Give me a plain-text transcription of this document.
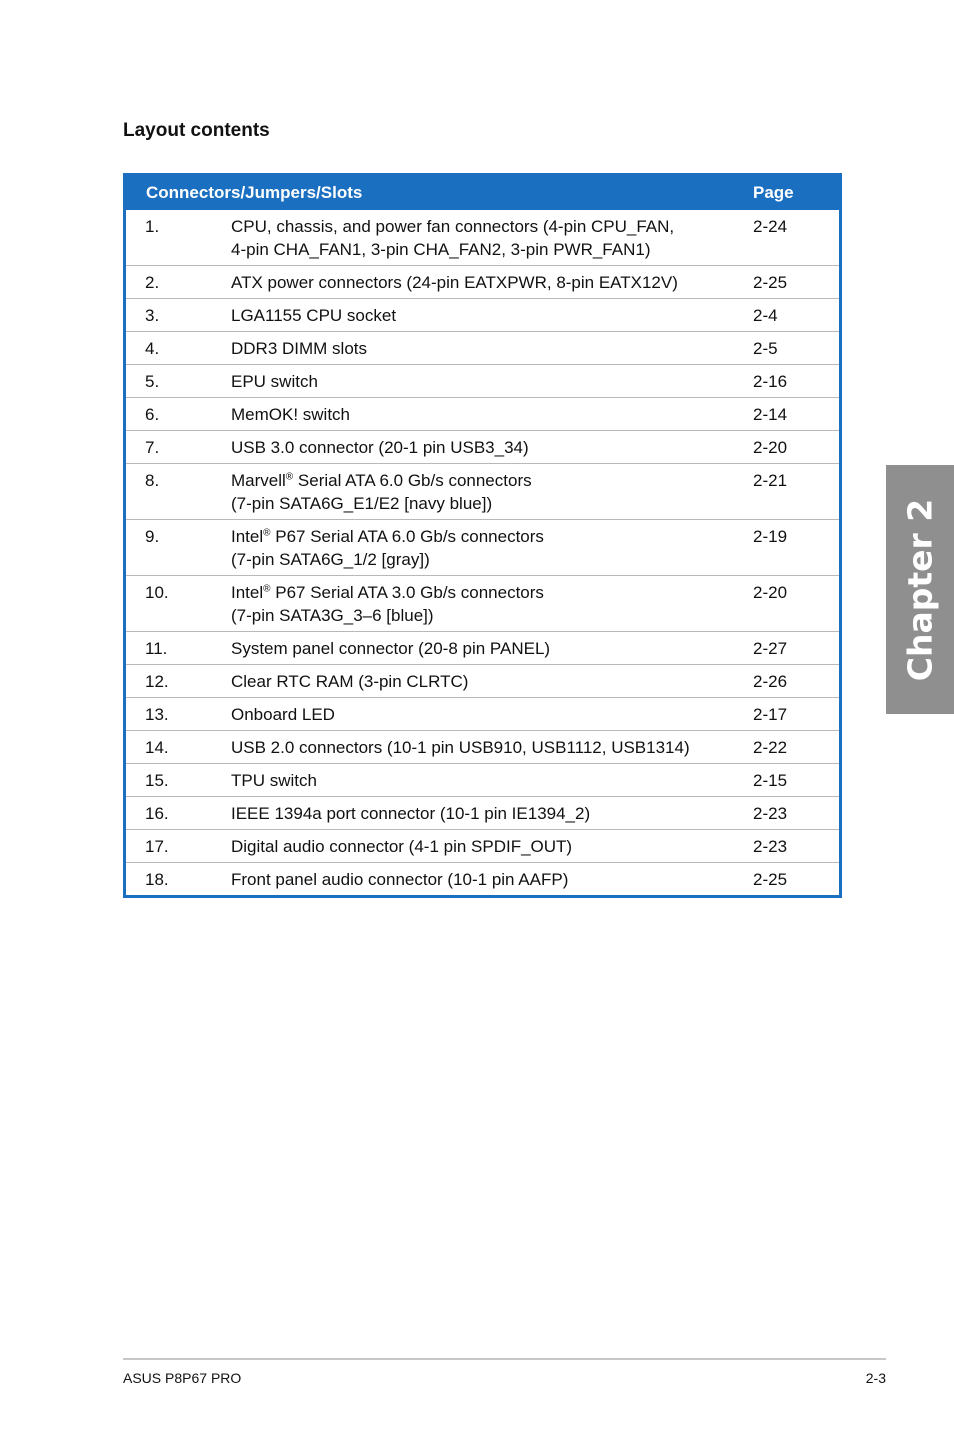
Layout contents
Connectors/Jumpers/Slots	Page
1.	CPU, chassis, and power fan connectors (4-pin CPU_FAN,
4-pin CHA_FAN1, 3-pin CHA_FAN2, 3-pin PWR_FAN1)
2-24
2.	ATX power connectors (24-pin EATXPWR, 8-pin EATX12V)	2-25
3.	LGA1155 CPU socket	2-4
4.	DDR3 DIMM slots	2-5
5.	EPU switch	2-16
6.	MemOK! switch	2-14
7.	USB 3.0 connector (20-1 pin USB3_34)	2-20
8.	Marvell® Serial ATA 6.0 Gb/s connectors
(7-pin SATA6G_E1/E2 [navy blue])
2-21
9.	Intel® P67 Serial ATA 6.0 Gb/s connectors
(7-pin SATA6G_1/2 [gray])
2-19
10.	Intel® P67 Serial ATA 3.0 Gb/s connectors
(7-pin SATA3G_3–6 [blue])
2-20
11.	System panel connector (20-8 pin PANEL)	2-27
12.	Clear RTC RAM (3-pin CLRTC)	2-26
13.	Onboard LED	2-17
14.	USB 2.0 connectors (10-1 pin USB910, USB1112, USB1314)	2-22
15.	TPU switch	2-15
16.	IEEE 1394a port connector (10-1 pin IE1394_2)	2-23
17.	Digital audio connector (4-1 pin SPDIF_OUT)	2-23
18.	Front panel audio connector (10-1 pin AAFP)	2-25
Chapter 2
ASUS P8P67 PRO	2-3
